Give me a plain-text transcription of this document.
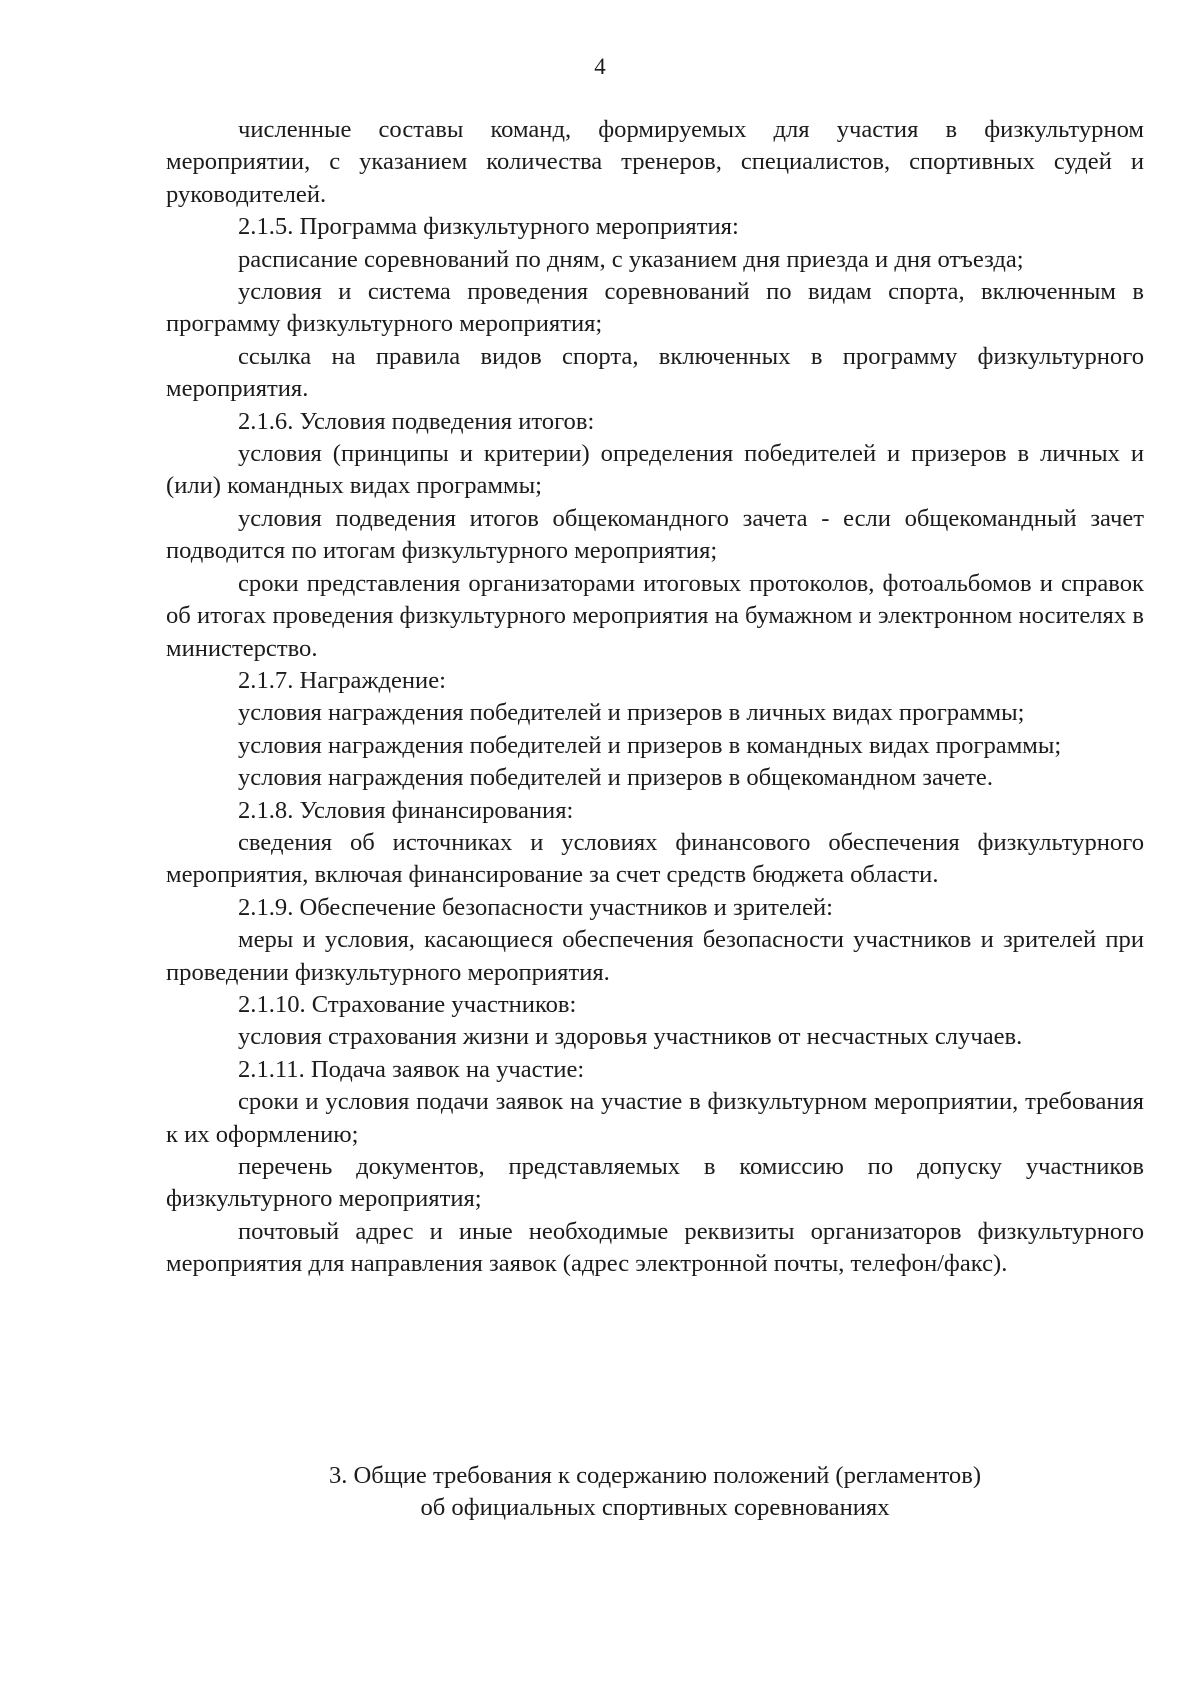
4

численные составы команд, формируемых для участия в физкультурном мероприятии, с указанием количества тренеров, специалистов, спортивных судей и руководителей.

2.1.5. Программа физкультурного мероприятия:

расписание соревнований по дням, с указанием дня приезда и дня отъезда;

условия и система проведения соревнований по видам спорта, включенным в программу физкультурного мероприятия;

ссылка на правила видов спорта, включенных в программу физкультурного мероприятия.

2.1.6. Условия подведения итогов:

условия (принципы и критерии) определения победителей и призеров в личных и (или) командных видах программы;

условия подведения итогов общекомандного зачета - если общекомандный зачет подводится по итогам физкультурного мероприятия;

сроки представления организаторами итоговых протоколов, фотоальбомов и справок об итогах проведения физкультурного мероприятия на бумажном и электронном носителях в министерство.

2.1.7. Награждение:

условия награждения победителей и призеров в личных видах программы;

условия награждения победителей и призеров в командных видах программы;

условия награждения победителей и призеров в общекомандном зачете.

2.1.8. Условия финансирования:

сведения об источниках и условиях финансового обеспечения физкультурного мероприятия, включая финансирование за счет средств бюджета области.

2.1.9. Обеспечение безопасности участников и зрителей:

меры и условия, касающиеся обеспечения безопасности участников и зрителей при проведении физкультурного мероприятия.

2.1.10. Страхование участников:

условия страхования жизни и здоровья участников от несчастных случаев.

2.1.11. Подача заявок на участие:

сроки и условия подачи заявок на участие в физкультурном мероприятии, требования к их оформлению;

перечень документов, представляемых в комиссию по допуску участников физкультурного мероприятия;

почтовый адрес и иные необходимые реквизиты организаторов физкультурного мероприятия для направления заявок (адрес электронной почты, телефон/факс).

3. Общие требования к содержанию положений (регламентов)
об официальных спортивных соревнованиях
